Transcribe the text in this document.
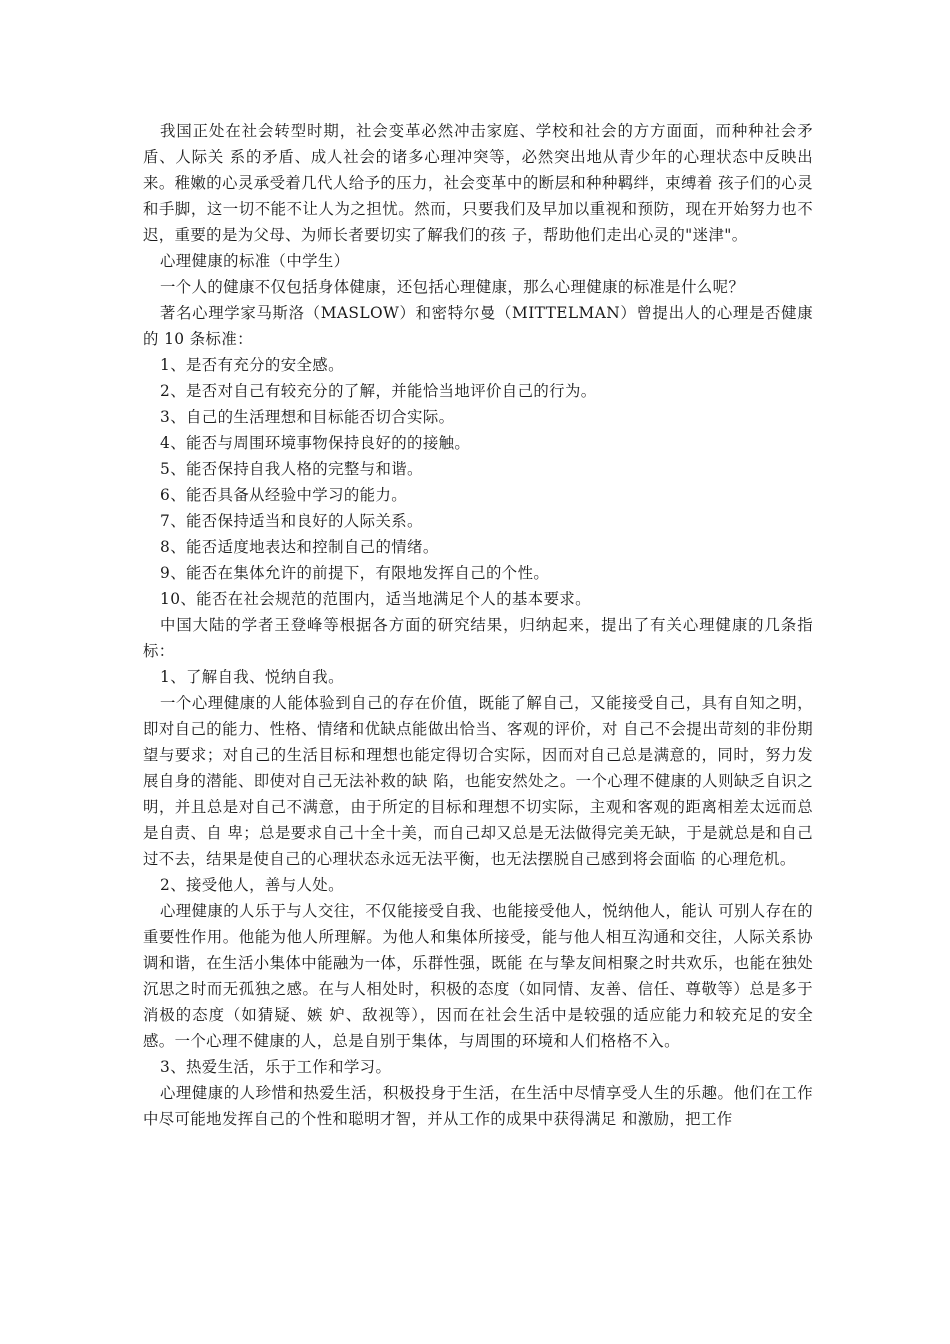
我国正处在社会转型时期，社会变革必然冲击家庭、学校和社会的方方面面，而种种社会矛盾、人际关 系的矛盾、成人社会的诸多心理冲突等，必然突出地从青少年的心理状态中反映出来。稚嫩的心灵承受着几代人给予的压力，社会变革中的断层和种种羁绊，束缚着 孩子们的心灵和手脚，这一切不能不让人为之担忧。然而，只要我们及早加以重视和预防，现在开始努力也不迟，重要的是为父母、为师长者要切实了解我们的孩 子，帮助他们走出心灵的"迷津"。

心理健康的标准（中学生）

一个人的健康不仅包括身体健康，还包括心理健康，那么心理健康的标准是什么呢？

著名心理学家马斯洛（MASLOW）和密特尔曼（MITTELMAN）曾提出人的心理是否健康的 10 条标准：

1、是否有充分的安全感。

2、是否对自己有较充分的了解，并能恰当地评价自己的行为。

3、自己的生活理想和目标能否切合实际。

4、能否与周围环境事物保持良好的的接触。

5、能否保持自我人格的完整与和谐。

6、能否具备从经验中学习的能力。

7、能否保持适当和良好的人际关系。

8、能否适度地表达和控制自己的情绪。

9、能否在集体允许的前提下，有限地发挥自己的个性。

10、能否在社会规范的范围内，适当地满足个人的基本要求。

中国大陆的学者王登峰等根据各方面的研究结果，归纳起来，提出了有关心理健康的几条指标：

1、了解自我、悦纳自我。

一个心理健康的人能体验到自己的存在价值，既能了解自己，又能接受自己，具有自知之明，即对自己的能力、性格、情绪和优缺点能做出恰当、客观的评价，对 自己不会提出苛刻的非份期望与要求；对自己的生活目标和理想也能定得切合实际，因而对自己总是满意的，同时，努力发展自身的潜能、即使对自己无法补救的缺 陷，也能安然处之。一个心理不健康的人则缺乏自识之明，并且总是对自己不满意，由于所定的目标和理想不切实际，主观和客观的距离相差太远而总是自责、自 卑；总是要求自己十全十美，而自己却又总是无法做得完美无缺，于是就总是和自己过不去，结果是使自己的心理状态永远无法平衡，也无法摆脱自己感到将会面临 的心理危机。

2、接受他人，善与人处。

心理健康的人乐于与人交往，不仅能接受自我、也能接受他人，悦纳他人，能认 可别人存在的重要性作用。他能为他人所理解。为他人和集体所接受，能与他人相互沟通和交往，人际关系协调和谐，在生活小集体中能融为一体，乐群性强，既能 在与挚友间相聚之时共欢乐，也能在独处沉思之时而无孤独之感。在与人相处时，积极的态度（如同情、友善、信任、尊敬等）总是多于消极的态度（如猜疑、嫉 妒、敌视等），因而在社会生活中是较强的适应能力和较充足的安全感。一个心理不健康的人，总是自别于集体，与周围的环境和人们格格不入。

3、热爱生活，乐于工作和学习。

心理健康的人珍惜和热爱生活，积极投身于生活，在生活中尽情享受人生的乐趣。他们在工作中尽可能地发挥自己的个性和聪明才智，并从工作的成果中获得满足 和激励，把工作
